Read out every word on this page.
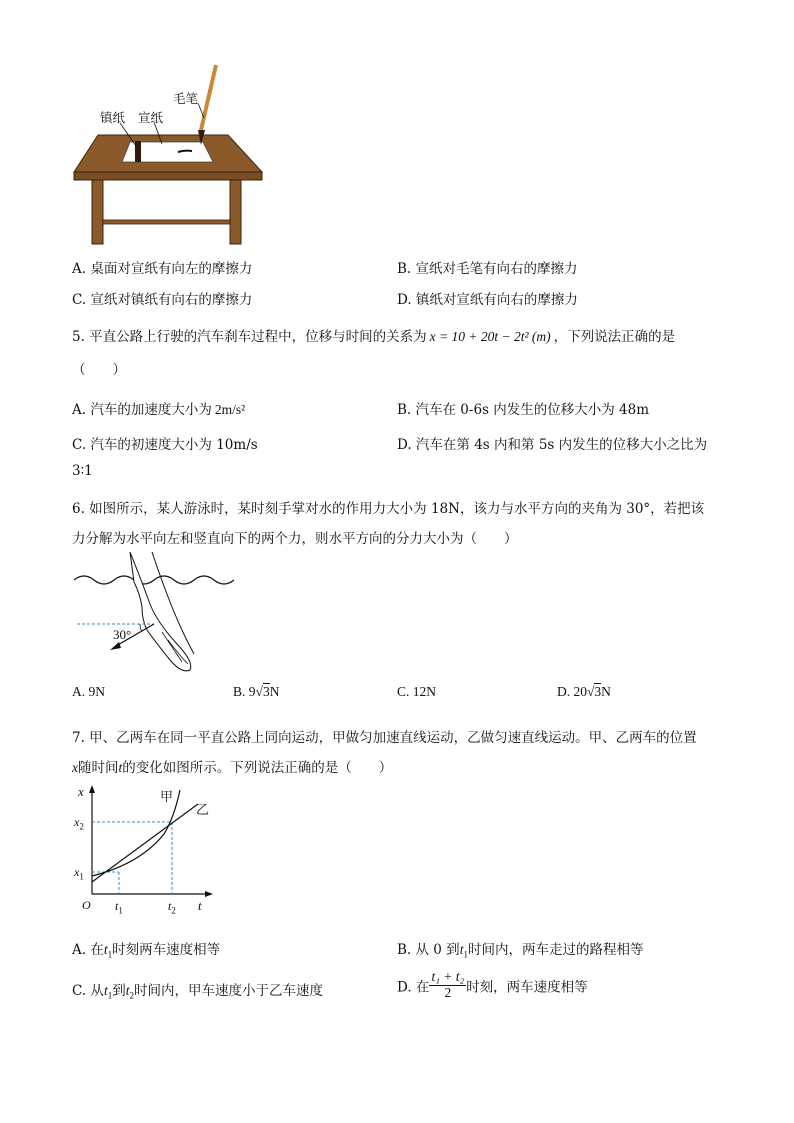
毛笔
镇纸 宣纸
A. 桌面对宣纸有向左的摩擦力	B. 宣纸对毛笔有向右的摩擦力
C. 宣纸对镇纸有向右的摩擦力	D. 镇纸对宣纸有向右的摩擦力
5. 平直公路上行驶的汽车刹车过程中，位移与时间的关系为 x = 10 + 20t − 2t² (m) ，下列说法正确的是
（　　）
A. 汽车的加速度大小为 2m/s²	B. 汽车在 0-6s 内发生的位移大小为 48m
C. 汽车的初速度大小为 10m/s	D. 汽车在第 4s 内和第 5s 内发生的位移大小之比为
3∶1
6. 如图所示，某人游泳时，某时刻手掌对水的作用力大小为 18N，该力与水平方向的夹角为 30°，若把该
力分解为水平向左和竖直向下的两个力，则水平方向的分力大小为（　　）
30°
A. 9N	B. 9√3N	C. 12N	D. 20√3N
7. 甲、乙两车在同一平直公路上同向运动，甲做匀加速直线运动，乙做匀速直线运动。甲、乙两车的位置
x随时间t的变化如图所示。下列说法正确的是（　　）
甲
乙
x
t
O
$x_2$
$x_1$
$t_1$	$t_2$
A. 在$t_1$时刻两车速度相等	B. 从 0 到$t_1$时间内，两车走过的路程相等
C. 从$t_1$到$t_2$时间内，甲车速度小于乙车速度	D. 在 $\frac{\text{t₁ + t₂}}{2}$ 时刻，两车速度相等
